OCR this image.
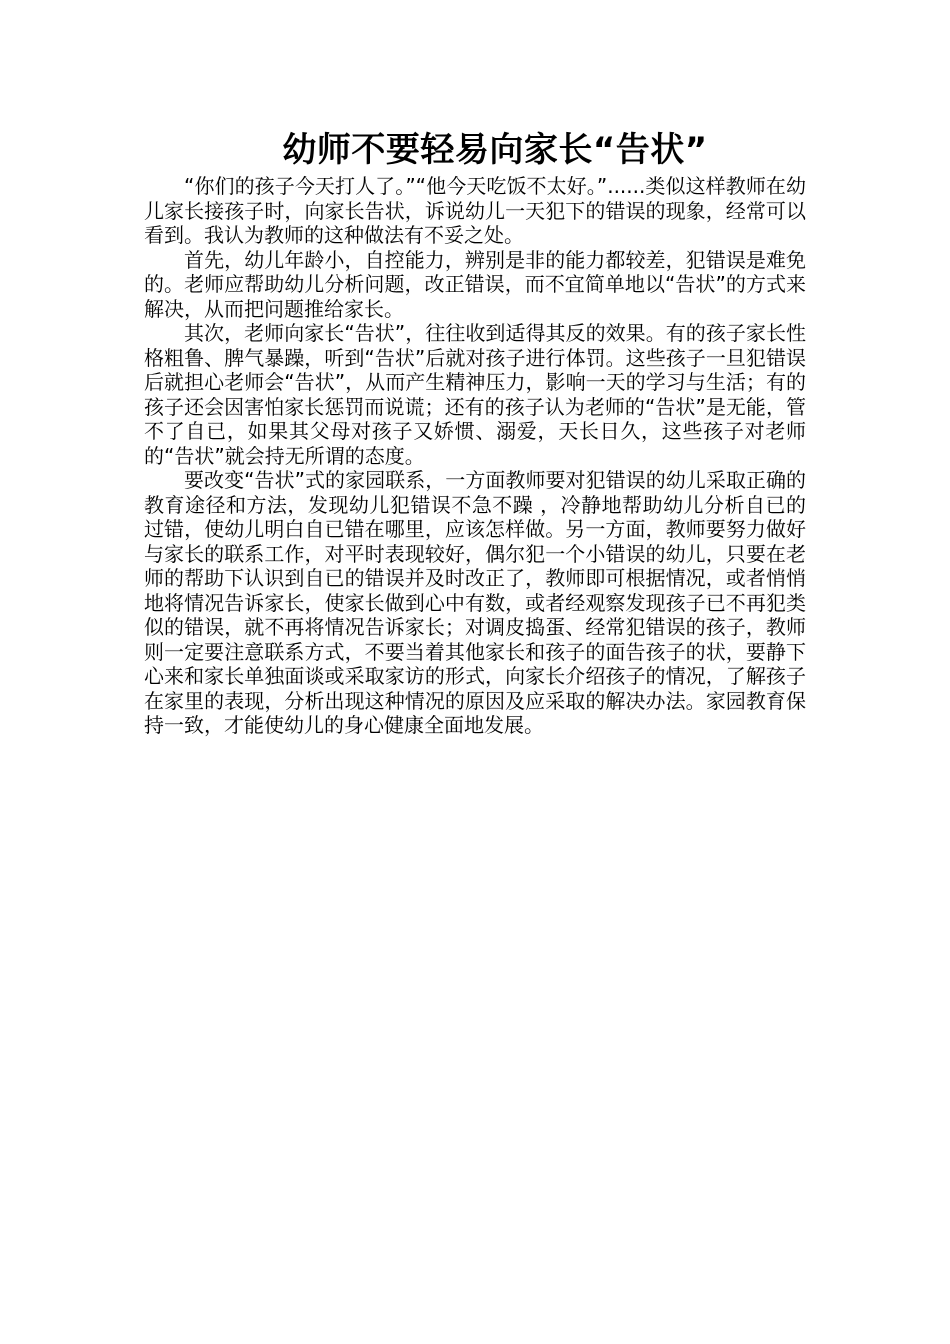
幼师不要轻易向家长“告状”

“你们的孩子今天打人了。”“他今天吃饭不太好。”......类似这样教师在幼儿家长接孩子时，向家长告状，诉说幼儿一天犯下的错误的现象，经常可以看到。我认为教师的这种做法有不妥之处。

首先，幼儿年龄小，自控能力，辨别是非的能力都较差，犯错误是难免的。老师应帮助幼儿分析问题，改正错误，而不宜简单地以“告状”的方式来解决，从而把问题推给家长。

其次，老师向家长“告状”，往往收到适得其反的效果。有的孩子家长性格粗鲁、脾气暴躁，听到“告状”后就对孩子进行体罚。这些孩子一旦犯错误后就担心老师会“告状”，从而产生精神压力，影响一天的学习与生活；有的孩子还会因害怕家长惩罚而说谎；还有的孩子认为老师的“告状”是无能，管不了自已，如果其父母对孩子又娇惯、溺爱，天长日久，这些孩子对老师的“告状”就会持无所谓的态度。

要改变“告状”式的家园联系，一方面教师要对犯错误的幼儿采取正确的教育途径和方法，发现幼儿犯错误不急不躁 ，冷静地帮助幼儿分析自已的过错，使幼儿明白自已错在哪里，应该怎样做。另一方面，教师要努力做好与家长的联系工作，对平时表现较好，偶尔犯一个小错误的幼儿，只要在老师的帮助下认识到自已的错误并及时改正了，教师即可根据情况，或者悄悄地将情况告诉家长，使家长做到心中有数，或者经观察发现孩子已不再犯类似的错误，就不再将情况告诉家长；对调皮捣蛋、经常犯错误的孩子，教师则一定要注意联系方式，不要当着其他家长和孩子的面告孩子的状，要静下心来和家长单独面谈或采取家访的形式，向家长介绍孩子的情况，了解孩子在家里的表现，分析出现这种情况的原因及应采取的解决办法。家园教育保持一致，才能使幼儿的身心健康全面地发展。
